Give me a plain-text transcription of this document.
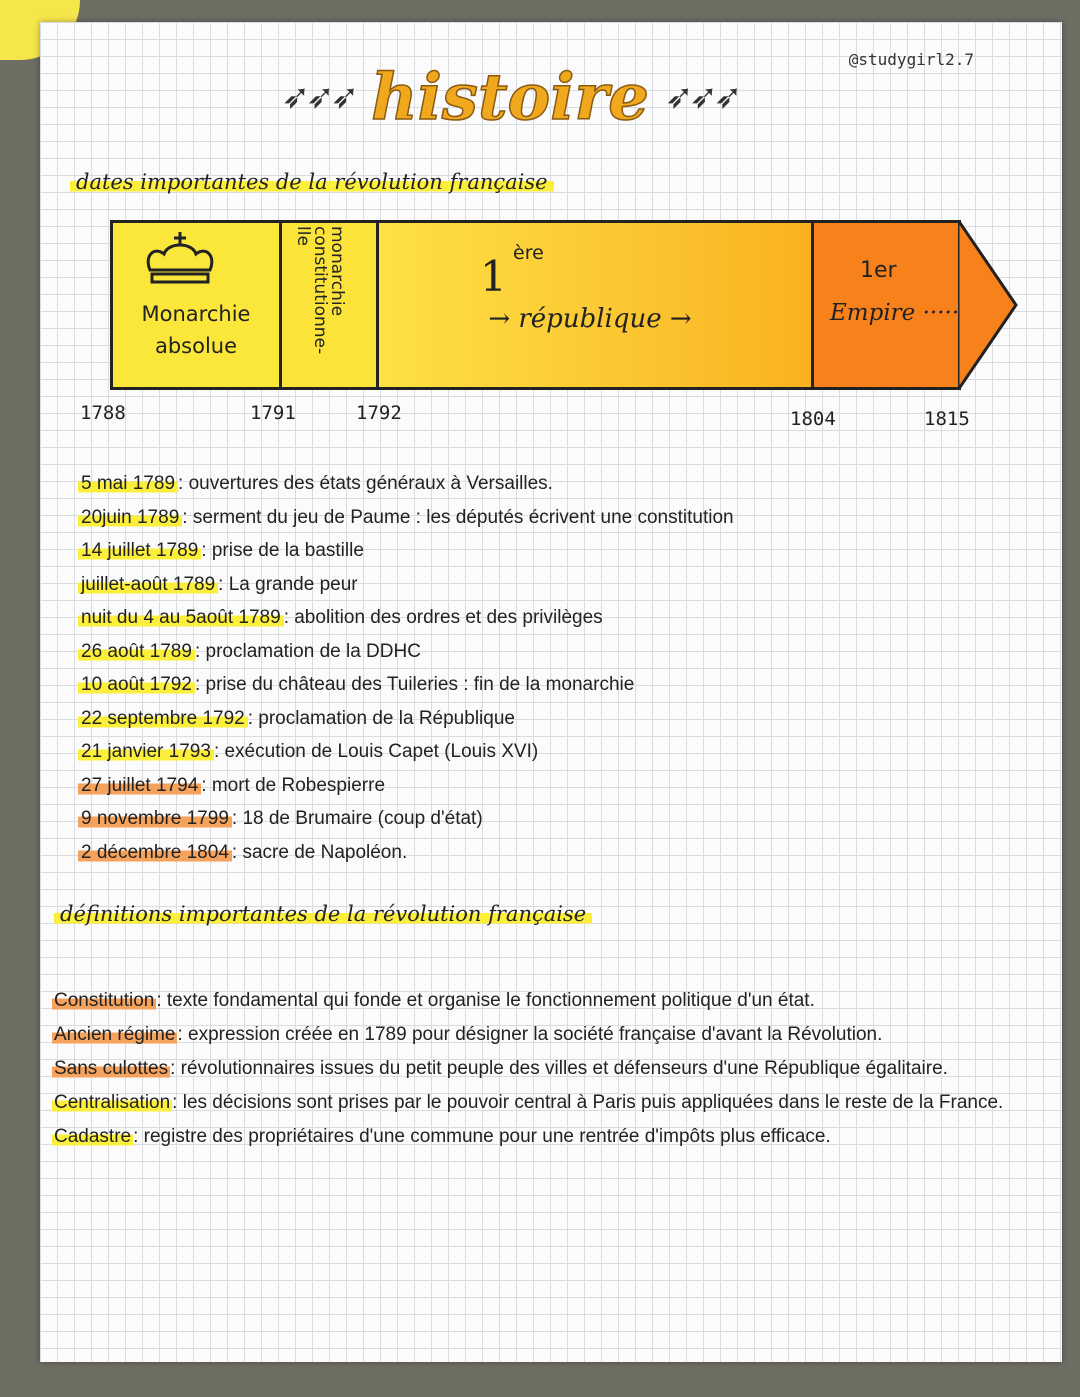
➶➶➶ histoire ➶➶➶
@studygirl2.7
dates importantes de la révolution française
Monarchie
absolue
monarchie
constitutionne-
lle
1 ère
→ république →
1er
Empire ·····
1788	1791	1792	1804	1815
5 mai 1789 : ouvertures des états généraux à Versailles.
20juin 1789 : serment du jeu de Paume : les députés écrivent une constitution
14 juillet 1789 : prise de la bastille
juillet-août 1789 : La grande peur
nuit du 4 au 5août 1789 : abolition des ordres et des privilèges
26 août 1789 : proclamation de la DDHC
10 août 1792 : prise du château des Tuileries : fin de la monarchie
22 septembre 1792 : proclamation de la République
21 janvier 1793 : exécution de Louis Capet (Louis XVI)
27 juillet 1794 : mort de Robespierre
9 novembre 1799 : 18 de Brumaire (coup d'état)
2 décembre 1804 : sacre de Napoléon.
définitions importantes de la révolution française
Constitution : texte fondamental qui fonde et organise le fonctionnement politique d'un état.
Ancien régime : expression créée en 1789 pour désigner la société française d'avant la Révolution.
Sans culottes : révolutionnaires issues du petit peuple des villes et défenseurs d'une République égalitaire.
Centralisation : les décisions sont prises par le pouvoir central à Paris puis appliquées dans le reste de la France.
Cadastre : registre des propriétaires d'une commune pour une rentrée d'impôts plus efficace.
